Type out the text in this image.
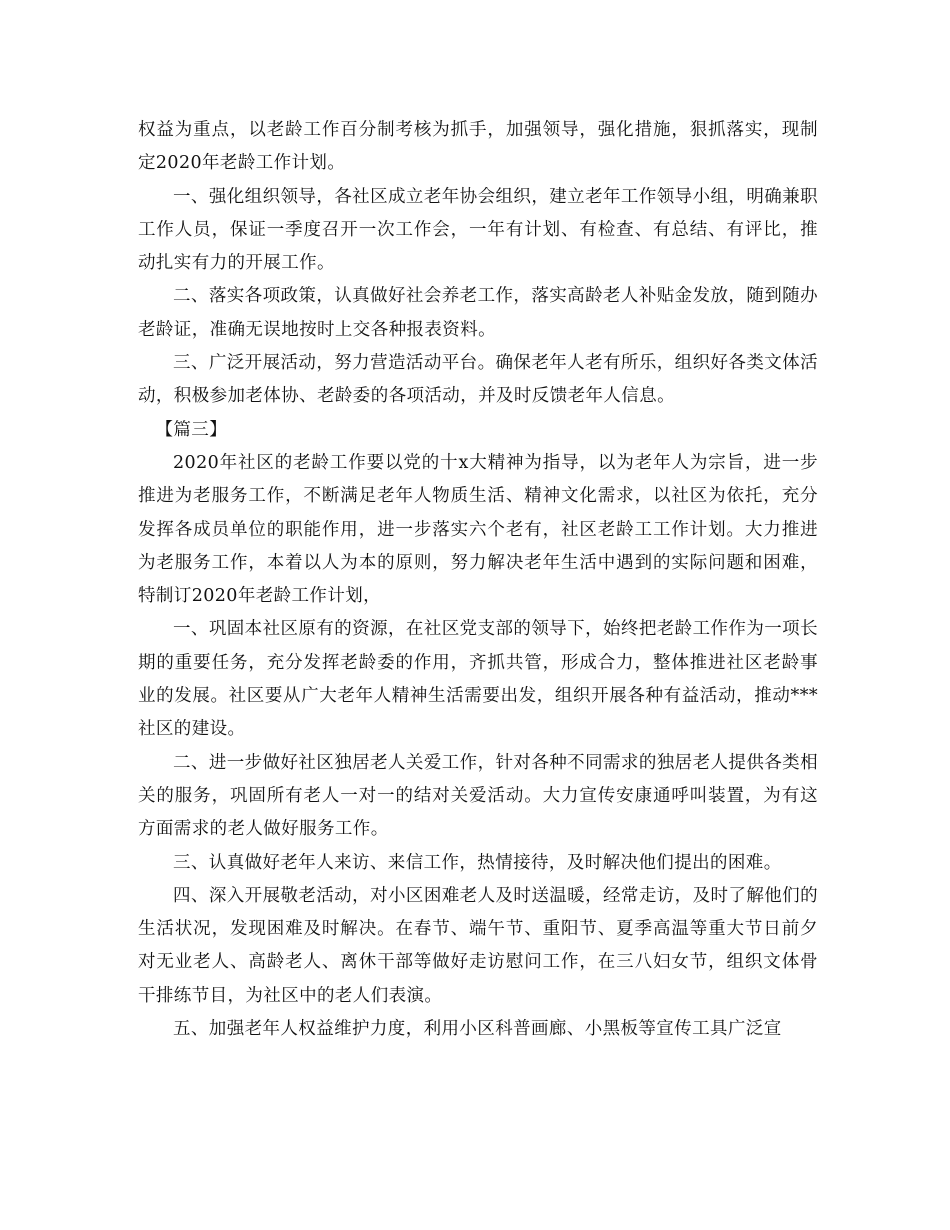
权益为重点，以老龄工作百分制考核为抓手，加强领导，强化措施，狠抓落实，现制定2020年老龄工作计划。

一、强化组织领导，各社区成立老年协会组织，建立老年工作领导小组，明确兼职工作人员，保证一季度召开一次工作会，一年有计划、有检查、有总结、有评比，推动扎实有力的开展工作。

二、落实各项政策，认真做好社会养老工作，落实高龄老人补贴金发放，随到随办老龄证，准确无误地按时上交各种报表资料。

三、广泛开展活动，努力营造活动平台。确保老年人老有所乐，组织好各类文体活动，积极参加老体协、老龄委的各项活动，并及时反馈老年人信息。

【篇三】

2020年社区的老龄工作要以党的十x大精神为指导，以为老年人为宗旨，进一步推进为老服务工作，不断满足老年人物质生活、精神文化需求，以社区为依托，充分发挥各成员单位的职能作用，进一步落实六个老有，社区老龄工工作计划。大力推进为老服务工作，本着以人为本的原则，努力解决老年生活中遇到的实际问题和困难，特制订2020年老龄工作计划，

一、巩固本社区原有的资源，在社区党支部的领导下，始终把老龄工作作为一项长期的重要任务，充分发挥老龄委的作用，齐抓共管，形成合力，整体推进社区老龄事业的发展。社区要从广大老年人精神生活需要出发，组织开展各种有益活动，推动***社区的建设。

二、进一步做好社区独居老人关爱工作，针对各种不同需求的独居老人提供各类相关的服务，巩固所有老人一对一的结对关爱活动。大力宣传安康通呼叫装置，为有这方面需求的老人做好服务工作。

三、认真做好老年人来访、来信工作，热情接待，及时解决他们提出的困难。

四、深入开展敬老活动，对小区困难老人及时送温暖，经常走访，及时了解他们的生活状况，发现困难及时解决。在春节、端午节、重阳节、夏季高温等重大节日前夕对无业老人、高龄老人、离休干部等做好走访慰问工作，在三八妇女节，组织文体骨干排练节目，为社区中的老人们表演。

五、加强老年人权益维护力度，利用小区科普画廊、小黑板等宣传工具广泛宣
